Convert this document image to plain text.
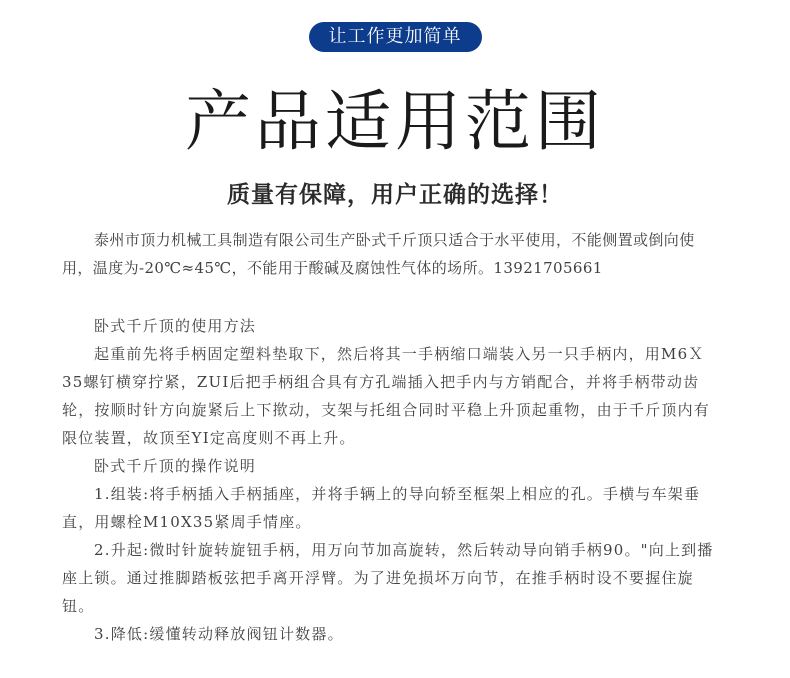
让工作更加简单
产品适用范围
质量有保障，用户正确的选择！

泰州市顶力机械工具制造有限公司生产卧式千斤顶只适合于水平使用，不能侧置或倒向使用，温度为-20℃≈45℃，不能用于酸碱及腐蚀性气体的场所。13921705661

卧式千斤顶的使用方法

起重前先将手柄固定塑料垫取下，然后将其一手柄缩口端装入另一只手柄内，用M6Ｘ35螺钉横穿拧紧，ZUI后把手柄组合具有方孔端插入把手内与方销配合，并将手柄带动齿轮，按顺时针方向旋紧后上下揿动，支架与托组合同时平稳上升顶起重物，由于千斤顶内有限位装置，故顶至YI定高度则不再上升。

卧式千斤顶的操作说明

1.组装:将手柄插入手柄插座，并将手辆上的导向轿至框架上相应的孔。手横与车架垂直，用螺栓M10X35紧周手情座。

2.升起:微时针旋转旋钮手柄，用万向节加高旋转，然后转动导向销手柄90。"向上到播座上锁。通过推脚踏板弦把手离开浮臂。为了进免损坏万向节，在推手柄时设不要握住旋钮。

3.降低:缓懂转动释放阀钮计数器。
